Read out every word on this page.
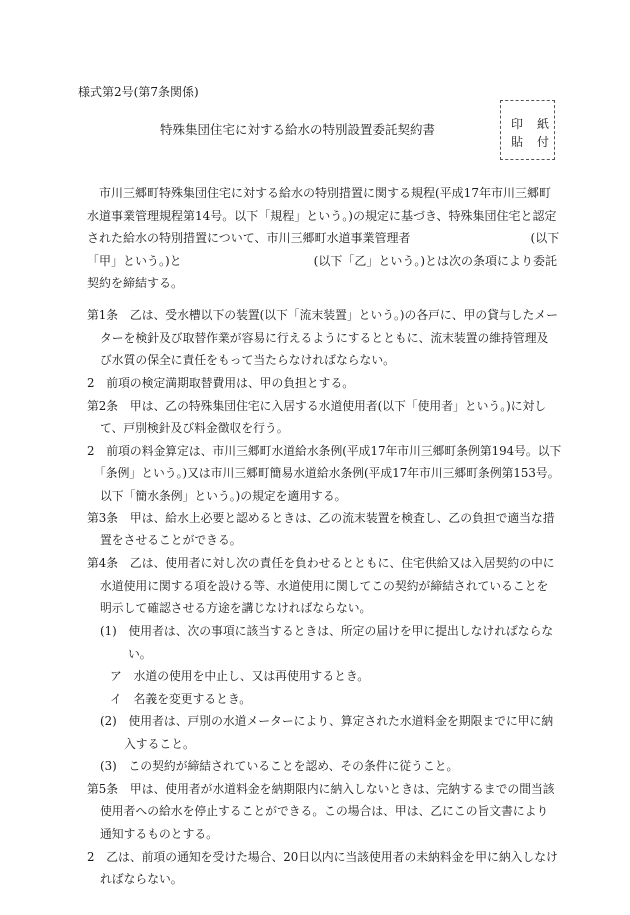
様式第2号(第7条関係)
特殊集団住宅に対する給水の特別設置委託契約書	印 紙
貼 付
　市川三郷町特殊集団住宅に対する給水の特別措置に関する規程(平成17年市川三郷町
水道事業管理規程第14号。以下「規程」という。)の規定に基づき、特殊集団住宅と認定
された給水の特別措置について、市川三郷町水道事業管理者　　　　　　　　　　(以下
「甲」という。)と　　　　　　　　　　　(以下「乙」という。)とは次の条項により委託
契約を締結する。
第1条　乙は、受水槽以下の装置(以下「流末装置」という。)の各戸に、甲の貸与したメー
ターを検針及び取替作業が容易に行えるようにするとともに、流末装置の維持管理及
び水質の保全に責任をもって当たらなければならない。
2　前項の検定満期取替費用は、甲の負担とする。
第2条　甲は、乙の特殊集団住宅に入居する水道使用者(以下「使用者」という。)に対し
て、戸別検針及び料金徴収を行う。
2　前項の料金算定は、市川三郷町水道給水条例(平成17年市川三郷町条例第194号。以下
「条例」という。)又は市川三郷町簡易水道給水条例(平成17年市川三郷町条例第153号。
以下「簡水条例」という。)の規定を適用する。
第3条　甲は、給水上必要と認めるときは、乙の流末装置を検査し、乙の負担で適当な措
置をさせることができる。
第4条　乙は、使用者に対し次の責任を負わせるとともに、住宅供給又は入居契約の中に
水道使用に関する項を設ける等、水道使用に関してこの契約が締結されていることを
明示して確認させる方途を講じなければならない。
(1)　使用者は、次の事項に該当するときは、所定の届けを甲に提出しなければならな
い。
ア　水道の使用を中止し、又は再使用するとき。
イ　名義を変更するとき。
(2)　使用者は、戸別の水道メーターにより、算定された水道料金を期限までに甲に納
入すること。
(3)　この契約が締結されていることを認め、その条件に従うこと。
第5条　甲は、使用者が水道料金を納期限内に納入しないときは、完納するまでの間当該
使用者への給水を停止することができる。この場合は、甲は、乙にこの旨文書により
通知するものとする。
2　乙は、前項の通知を受けた場合、20日以内に当該使用者の未納料金を甲に納入しなけ
ればならない。
